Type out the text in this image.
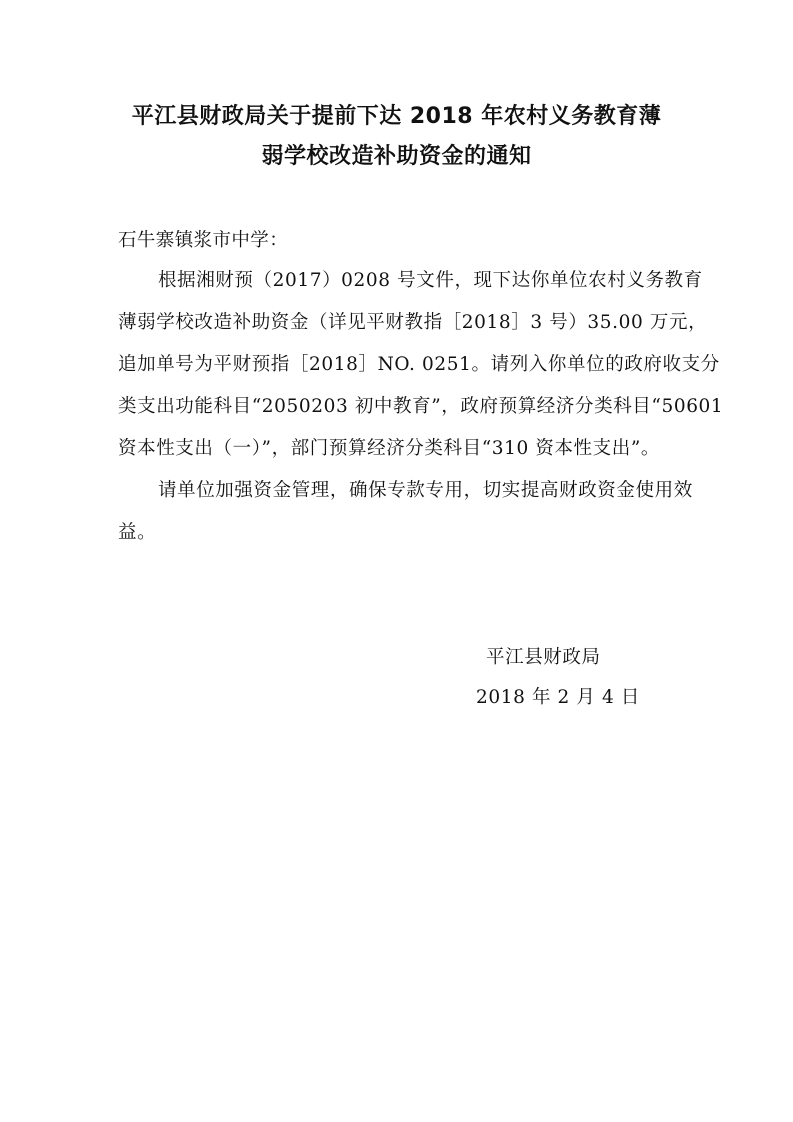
平江县财政局关于提前下达 2018 年农村义务教育薄
弱学校改造补助资金的通知
石牛寨镇浆市中学：
根据湘财预（2017）0208 号文件，现下达你单位农村义务教育
薄弱学校改造补助资金（详见平财教指［2018］3 号）35.00 万元，
追加单号为平财预指［2018］NO. 0251。请列入你单位的政府收支分
类支出功能科目“2050203 初中教育”，政府预算经济分类科目“50601
资本性支出（一）”，部门预算经济分类科目“310 资本性支出”。
请单位加强资金管理，确保专款专用，切实提高财政资金使用效
益。
平江县财政局
2018 年 2 月 4 日
